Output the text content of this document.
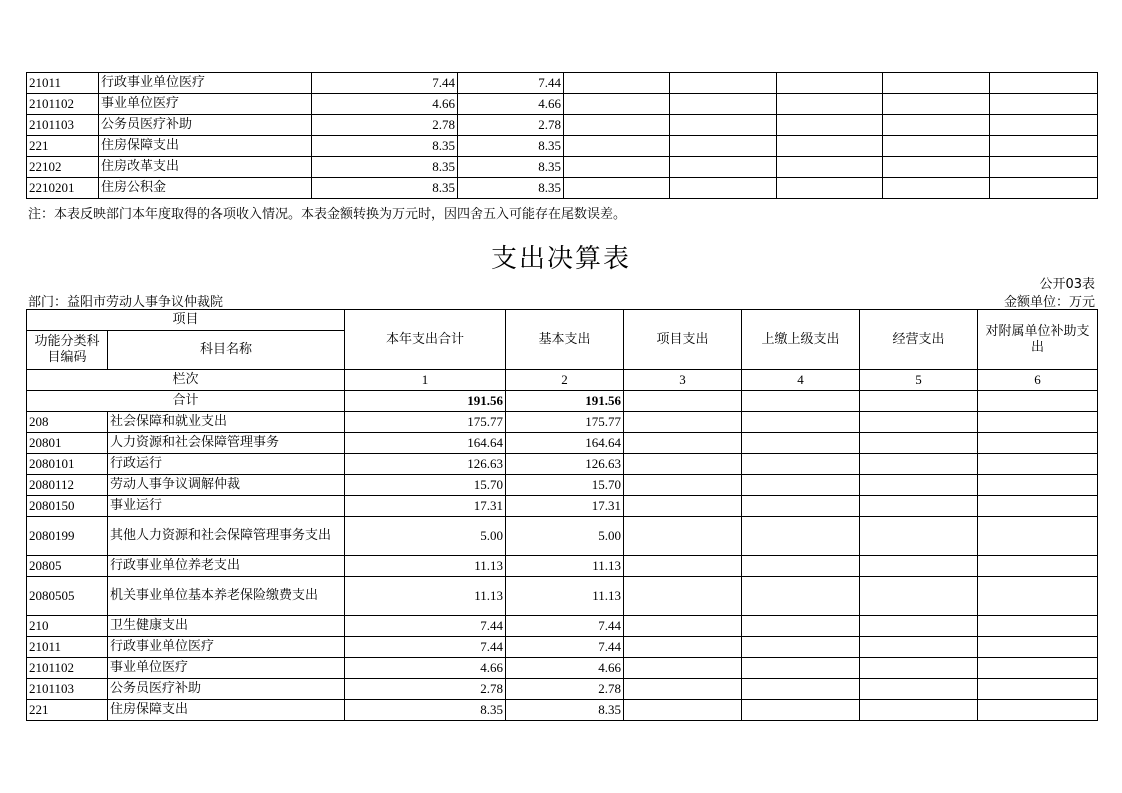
21011	行政事业单位医疗	7.44	7.44					
2101102	事业单位医疗	4.66	4.66					
2101103	公务员医疗补助	2.78	2.78					
221	住房保障支出	8.35	8.35					
22102	住房改革支出	8.35	8.35					
2210201	住房公积金	8.35	8.35					
注：本表反映部门本年度取得的各项收入情况。本表金额转换为万元时，因四舍五入可能存在尾数误差。
支出决算表
公开03表
部门：益阳市劳动人事争议仲裁院	金额单位：万元
项目		本年支出合计	基本支出	项目支出	上缴上级支出	经营支出	对附属单位补助支出
功能分类科目编码	科目名称						
栏次		1	2	3	4	5	6
合计		191.56	191.56				
208	社会保障和就业支出	175.77	175.77				
20801	人力资源和社会保障管理事务	164.64	164.64				
2080101	行政运行	126.63	126.63				
2080112	劳动人事争议调解仲裁	15.70	15.70				
2080150	事业运行	17.31	17.31				
2080199	其他人力资源和社会保障管理事务支出	5.00	5.00				
20805	行政事业单位养老支出	11.13	11.13				
2080505	机关事业单位基本养老保险缴费支出	11.13	11.13				
210	卫生健康支出	7.44	7.44				
21011	行政事业单位医疗	7.44	7.44				
2101102	事业单位医疗	4.66	4.66				
2101103	公务员医疗补助	2.78	2.78				
221	住房保障支出	8.35	8.35				
